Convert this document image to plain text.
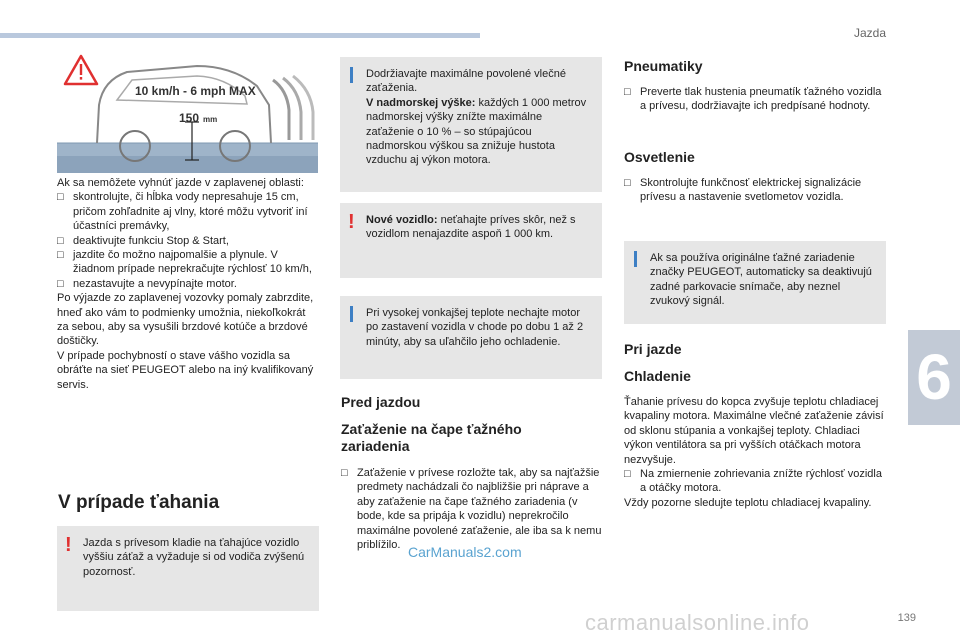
Jazda
6
10 km/h - 6 mph MAX
150 mm

Ak sa nemôžete vyhnúť jazde v zaplavenej oblasti:

□ skontrolujte, či hĺbka vody nepresahuje 15 cm, pričom zohľadnite aj vlny, ktoré môžu vytvoriť iní účastníci premávky,

□ deaktivujte funkciu Stop & Start,

□ jazdite čo možno najpomalšie a plynule. V žiadnom prípade neprekračujte rýchlosť 10 km/h,

□ nezastavujte a nevypínajte motor.

Po výjazde zo zaplavenej vozovky pomaly zabrzdite, hneď ako vám to podmienky umožnia, niekoľkokrát za sebou, aby sa vysušili brzdové kotúče a brzdové doštičky.

V prípade pochybností o stave vášho vozidla sa obráťte na sieť PEUGEOT alebo na iný kvalifikovaný servis.

V prípade ťahania
! Jazda s prívesom kladie na ťahajúce vozidlo vyššiu záťaž a vyžaduje si od vodiča zvýšenú pozornosť.

Dodržiavajte maximálne povolené vlečné zaťaženia.

V nadmorskej výške: každých 1 000 metrov nadmorskej výšky znížte maximálne zaťaženie o 10 % – so stúpajúcou nadmorskou výškou sa znižuje hustota vzduchu aj výkon motora.

! Nové vozidlo: neťahajte príves skôr, než s vozidlom nenajazdite aspoň 1 000 km.

Pri vysokej vonkajšej teplote nechajte motor po zastavení vozidla v chode po dobu 1 až 2 minúty, aby sa uľahčilo jeho ochladenie.

Pred jazdou
Zaťaženie na čape ťažného zariadenia

□ Zaťaženie v prívese rozložte tak, aby sa najťažšie predmety nachádzali čo najbližšie pri náprave a aby zaťaženie na čape ťažného zariadenia (v bode, kde sa pripája k vozidlu) neprekročilo maximálne povolené zaťaženie, ale iba sa k nemu priblížilo. CarManuals2.com
Pneumatiky

□ Preverte tlak hustenia pneumatík ťažného vozidla a prívesu, dodržiavajte ich predpísané hodnoty.

Osvetlenie

□ Skontrolujte funkčnosť elektrickej signalizácie prívesu a nastavenie svetlometov vozidla.

Ak sa používa originálne ťažné zariadenie značky PEUGEOT, automaticky sa deaktivujú zadné parkovacie snímače, aby neznel zvukový signál.

Pri jazde
Chladenie

Ťahanie prívesu do kopca zvyšuje teplotu chladiacej kvapaliny motora. Maximálne vlečné zaťaženie závisí od sklonu stúpania a vonkajšej teploty. Chladiaci výkon ventilátora sa pri vyšších otáčkach motora nezvyšuje.

□ Na zmiernenie zohrievania znížte rýchlosť vozidla a otáčky motora.

Vždy pozorne sledujte teplotu chladiacej kvapaliny.

139
carmanualsonline.info
